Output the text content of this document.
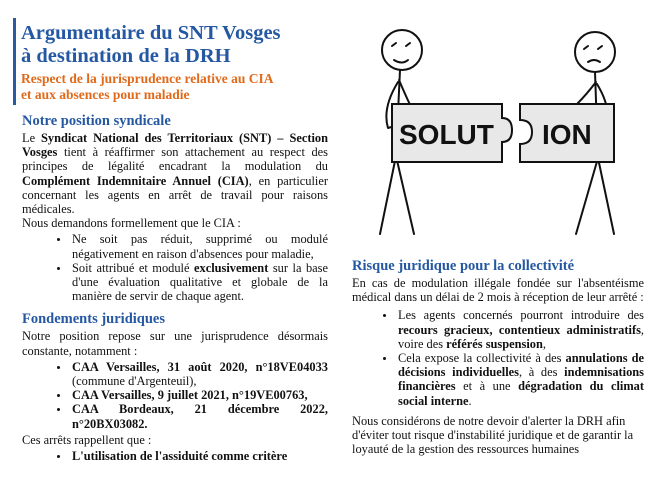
Argumentaire du SNT Vosges
à destination de la DRH
Respect de la jurisprudence relative au CIA
et aux absences pour maladie
Notre position syndicale

Le Syndicat National des Territoriaux (SNT) – Section Vosges tient à réaffirmer son attachement au respect des principes de légalité encadrant la modulation du Complément Indemnitaire Annuel (CIA), en particulier concernant les agents en arrêt de travail pour raisons médicales.

Nous demandons formellement que le CIA :

• Ne soit pas réduit, supprimé ou modulé négativement en raison d'absences pour maladie,
• Soit attribué et modulé exclusivement sur la base d'une évaluation qualitative et globale de la manière de servir de chaque agent.
Fondements juridiques

Notre position repose sur une jurisprudence désormais constante, notamment :

• CAA Versailles, 31 août 2020, n°18VE04033 (commune d'Argenteuil),
• CAA Versailles, 9 juillet 2021, n°19VE00763,
• CAA Bordeaux, 21 décembre 2022, n°20BX03082.

Ces arrêts rappellent que :

• L'utilisation de l'assiduité comme critère
SOLUT ION
Risque juridique pour la collectivité

En cas de modulation illégale fondée sur l'absentéisme médical dans un délai de 2 mois à réception de leur arrêté :

• Les agents concernés pourront introduire des recours gracieux, contentieux administratifs, voire des référés suspension,
• Cela expose la collectivité à des annulations de décisions individuelles, à des indemnisations financières et à une dégradation du climat social interne.

Nous considérons de notre devoir d'alerter la DRH afin d'éviter tout risque d'instabilité juridique et de garantir la loyauté de la gestion des ressources humaines
